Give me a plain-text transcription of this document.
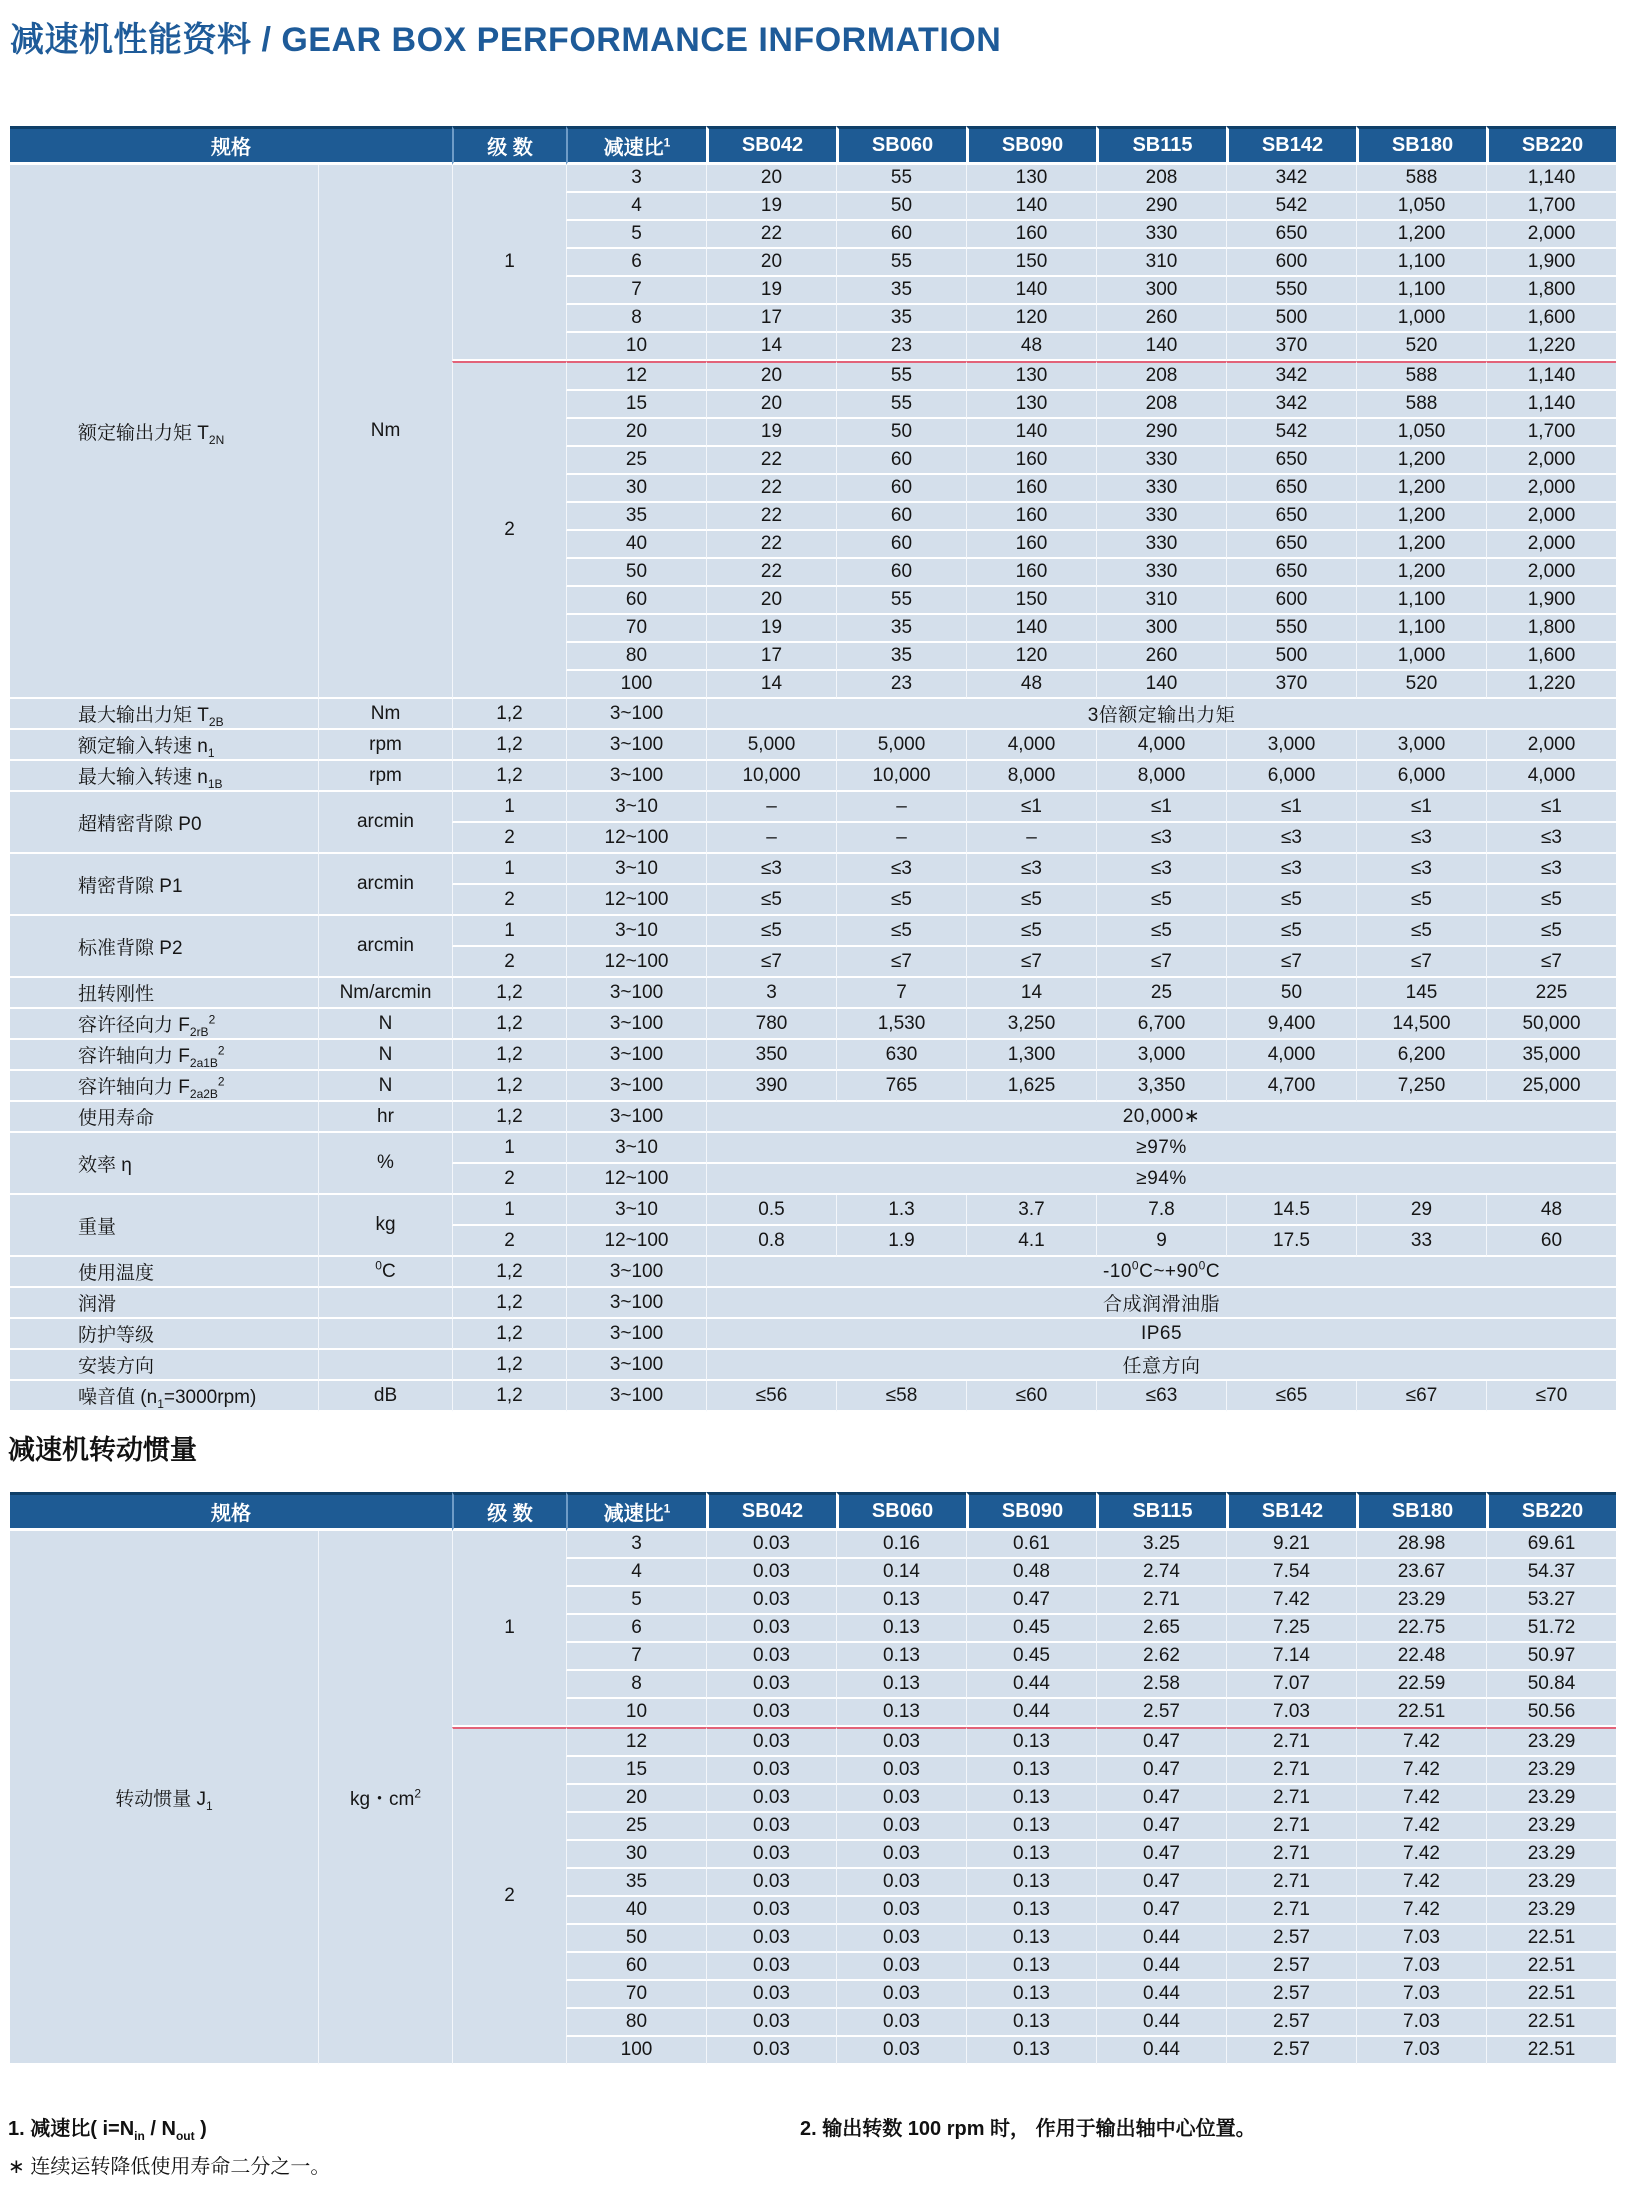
减速机性能资料 / GEAR BOX PERFORMANCE INFORMATION
规格		级 数	减速比$^1$	SB042	SB060	SB090	SB115	SB142	SB180	SB220
额定输出力矩 $T_{2N}$	Nm	1	3	20	55	130	208	342	588	1,140
			4	19	50	140	290	542	1,050	1,700
			5	22	60	160	330	650	1,200	2,000
			6	20	55	150	310	600	1,100	1,900
			7	19	35	140	300	550	1,100	1,800
			8	17	35	120	260	500	1,000	1,600
			10	14	23	48	140	370	520	1,220
		2	12	20	55	130	208	342	588	1,140
			15	20	55	130	208	342	588	1,140
			20	19	50	140	290	542	1,050	1,700
			25	22	60	160	330	650	1,200	2,000
			30	22	60	160	330	650	1,200	2,000
			35	22	60	160	330	650	1,200	2,000
			40	22	60	160	330	650	1,200	2,000
			50	22	60	160	330	650	1,200	2,000
			60	20	55	150	310	600	1,100	1,900
			70	19	35	140	300	550	1,100	1,800
			80	17	35	120	260	500	1,000	1,600
			100	14	23	48	140	370	520	1,220
最大输出力矩 $T_{2B}$	Nm	1,2	3~100	3倍额定输出力矩						
额定输入转速 $n_1$	rpm	1,2	3~100	5,000	5,000	4,000	4,000	3,000	3,000	2,000
最大输入转速 $n_{1B}$	rpm	1,2	3~100	10,000	10,000	8,000	8,000	6,000	6,000	4,000
超精密背隙 P0	arcmin	1	3~10	–	–	≤1	≤1	≤1	≤1	≤1
		2	12~100	–	–	–	≤3	≤3	≤3	≤3
精密背隙 P1	arcmin	1	3~10	≤3	≤3	≤3	≤3	≤3	≤3	≤3
		2	12~100	≤5	≤5	≤5	≤5	≤5	≤5	≤5
标准背隙 P2	arcmin	1	3~10	≤5	≤5	≤5	≤5	≤5	≤5	≤5
		2	12~100	≤7	≤7	≤7	≤7	≤7	≤7	≤7
扭转刚性	Nm/arcmin	1,2	3~100	3	7	14	25	50	145	225
容许径向力 $F_{2rB}^2$	N	1,2	3~100	780	1,530	3,250	6,700	9,400	14,500	50,000
容许轴向力 $F_{2a1B}^2$	N	1,2	3~100	350	630	1,300	3,000	4,000	6,200	35,000
容许轴向力 $F_{2a2B}^2$	N	1,2	3~100	390	765	1,625	3,350	4,700	7,250	25,000
使用寿命	hr	1,2	3~100	20,000∗						
效率 η	%	1	3~10	≥97%						
		2	12~100	≥94%						
重量	kg	1	3~10	0.5	1.3	3.7	7.8	14.5	29	48
		2	12~100	0.8	1.9	4.1	9	17.5	33	60
使用温度	$^0$C	1,2	3~100	$-10^0C\sim+90^0C$						
润滑		1,2	3~100	合成润滑油脂						
防护等级		1,2	3~100	IP65						
安装方向		1,2	3~100	任意方向						
噪音值 $(n_1=3000rpm)$	dB	1,2	3~100	≤56	≤58	≤60	≤63	≤65	≤67	≤70
减速机转动惯量
规格		级 数	减速比$^1$	SB042	SB060	SB090	SB115	SB142	SB180	SB220
转动惯量 $J_1$	kg・$cm^2$	1	3	0.03	0.16	0.61	3.25	9.21	28.98	69.61
			4	0.03	0.14	0.48	2.74	7.54	23.67	54.37
			5	0.03	0.13	0.47	2.71	7.42	23.29	53.27
			6	0.03	0.13	0.45	2.65	7.25	22.75	51.72
			7	0.03	0.13	0.45	2.62	7.14	22.48	50.97
			8	0.03	0.13	0.44	2.58	7.07	22.59	50.84
			10	0.03	0.13	0.44	2.57	7.03	22.51	50.56
		2	12	0.03	0.03	0.13	0.47	2.71	7.42	23.29
			15	0.03	0.03	0.13	0.47	2.71	7.42	23.29
			20	0.03	0.03	0.13	0.47	2.71	7.42	23.29
			25	0.03	0.03	0.13	0.47	2.71	7.42	23.29
			30	0.03	0.03	0.13	0.47	2.71	7.42	23.29
			35	0.03	0.03	0.13	0.47	2.71	7.42	23.29
			40	0.03	0.03	0.13	0.47	2.71	7.42	23.29
			50	0.03	0.03	0.13	0.44	2.57	7.03	22.51
			60	0.03	0.03	0.13	0.44	2.57	7.03	22.51
			70	0.03	0.03	0.13	0.44	2.57	7.03	22.51
			80	0.03	0.03	0.13	0.44	2.57	7.03	22.51
			100	0.03	0.03	0.13	0.44	2.57	7.03	22.51
1. 减速比( $i=N_{in} / N_{out}$ )	2. 输出转数 100 rpm 时， 作用于输出轴中心位置。
∗ 连续运转降低使用寿命二分之一。
